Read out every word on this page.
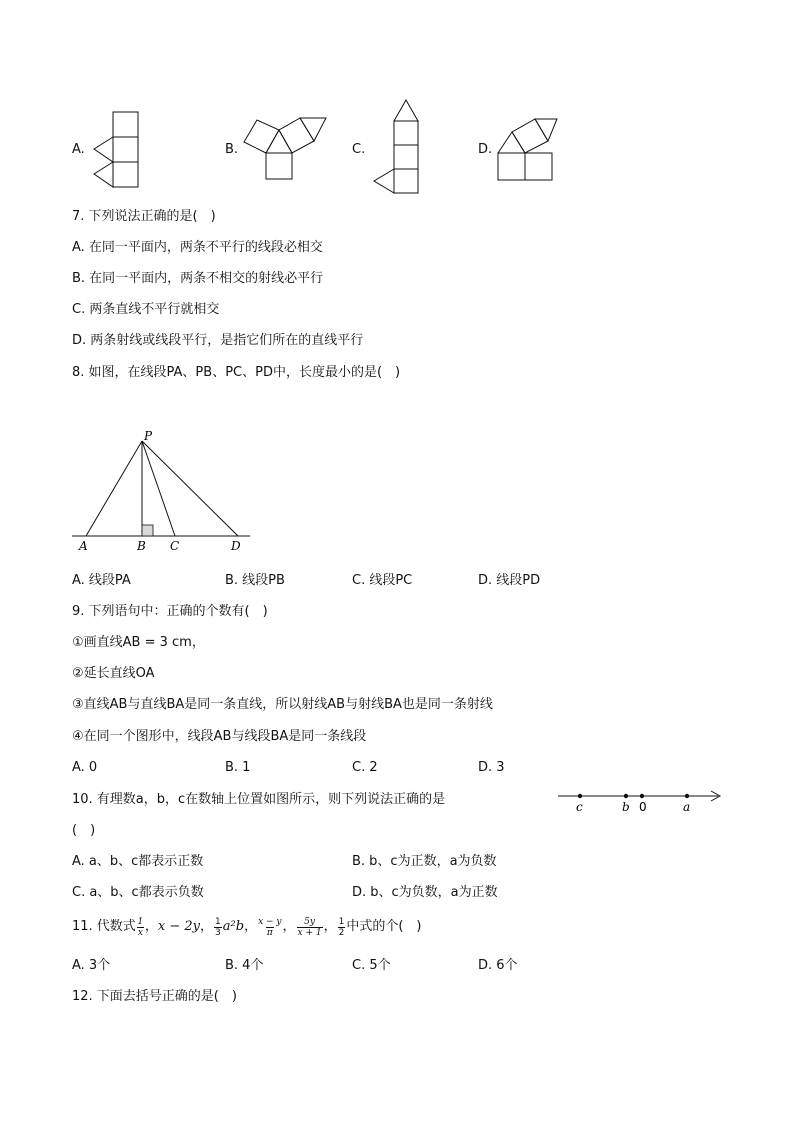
A.	B.	C.	D.
7. 下列说法正确的是(　)
A. 在同一平面内，两条不平行的线段必相交
B. 在同一平面内，两条不相交的射线必平行
C. 两条直线不平行就相交
D. 两条射线或线段平行，是指它们所在的直线平行
8. 如图，在线段PA、PB、PC、PD中，长度最小的是(　)
P
A	B C	D
A. 线段PA	B. 线段PB	C. 线段PC	D. 线段PD
9. 下列语句中：正确的个数有(　)
①画直线AB = 3 cm，
②延长直线OA
③直线AB与直线BA是同一条直线，所以射线AB与射线BA也是同一条射线
④在同一个图形中，线段AB与线段BA是同一条线段
A. 0	B. 1	C. 2	D. 3
10. 有理数a，b，c在数轴上位置如图所示，则下列说法正确的是
(　)
c	b 0	a
A. a、b、c都表示正数	B. b、c为正数，a为负数
C. a、b、c都表示负数	D. b、c为负数，a为正数
11. 代数式 $\frac{1}{x}$ ， x − 2y ， $\frac{1}{3} a^2b$ ， $\frac{x - y}{\pi}$ ， $\frac{5y}{x + 1}$ ， $\frac{1}{2}$ 中式的个(　)
A. 3个	B. 4个	C. 5个	D. 6个
12. 下面去括号正确的是(　)
